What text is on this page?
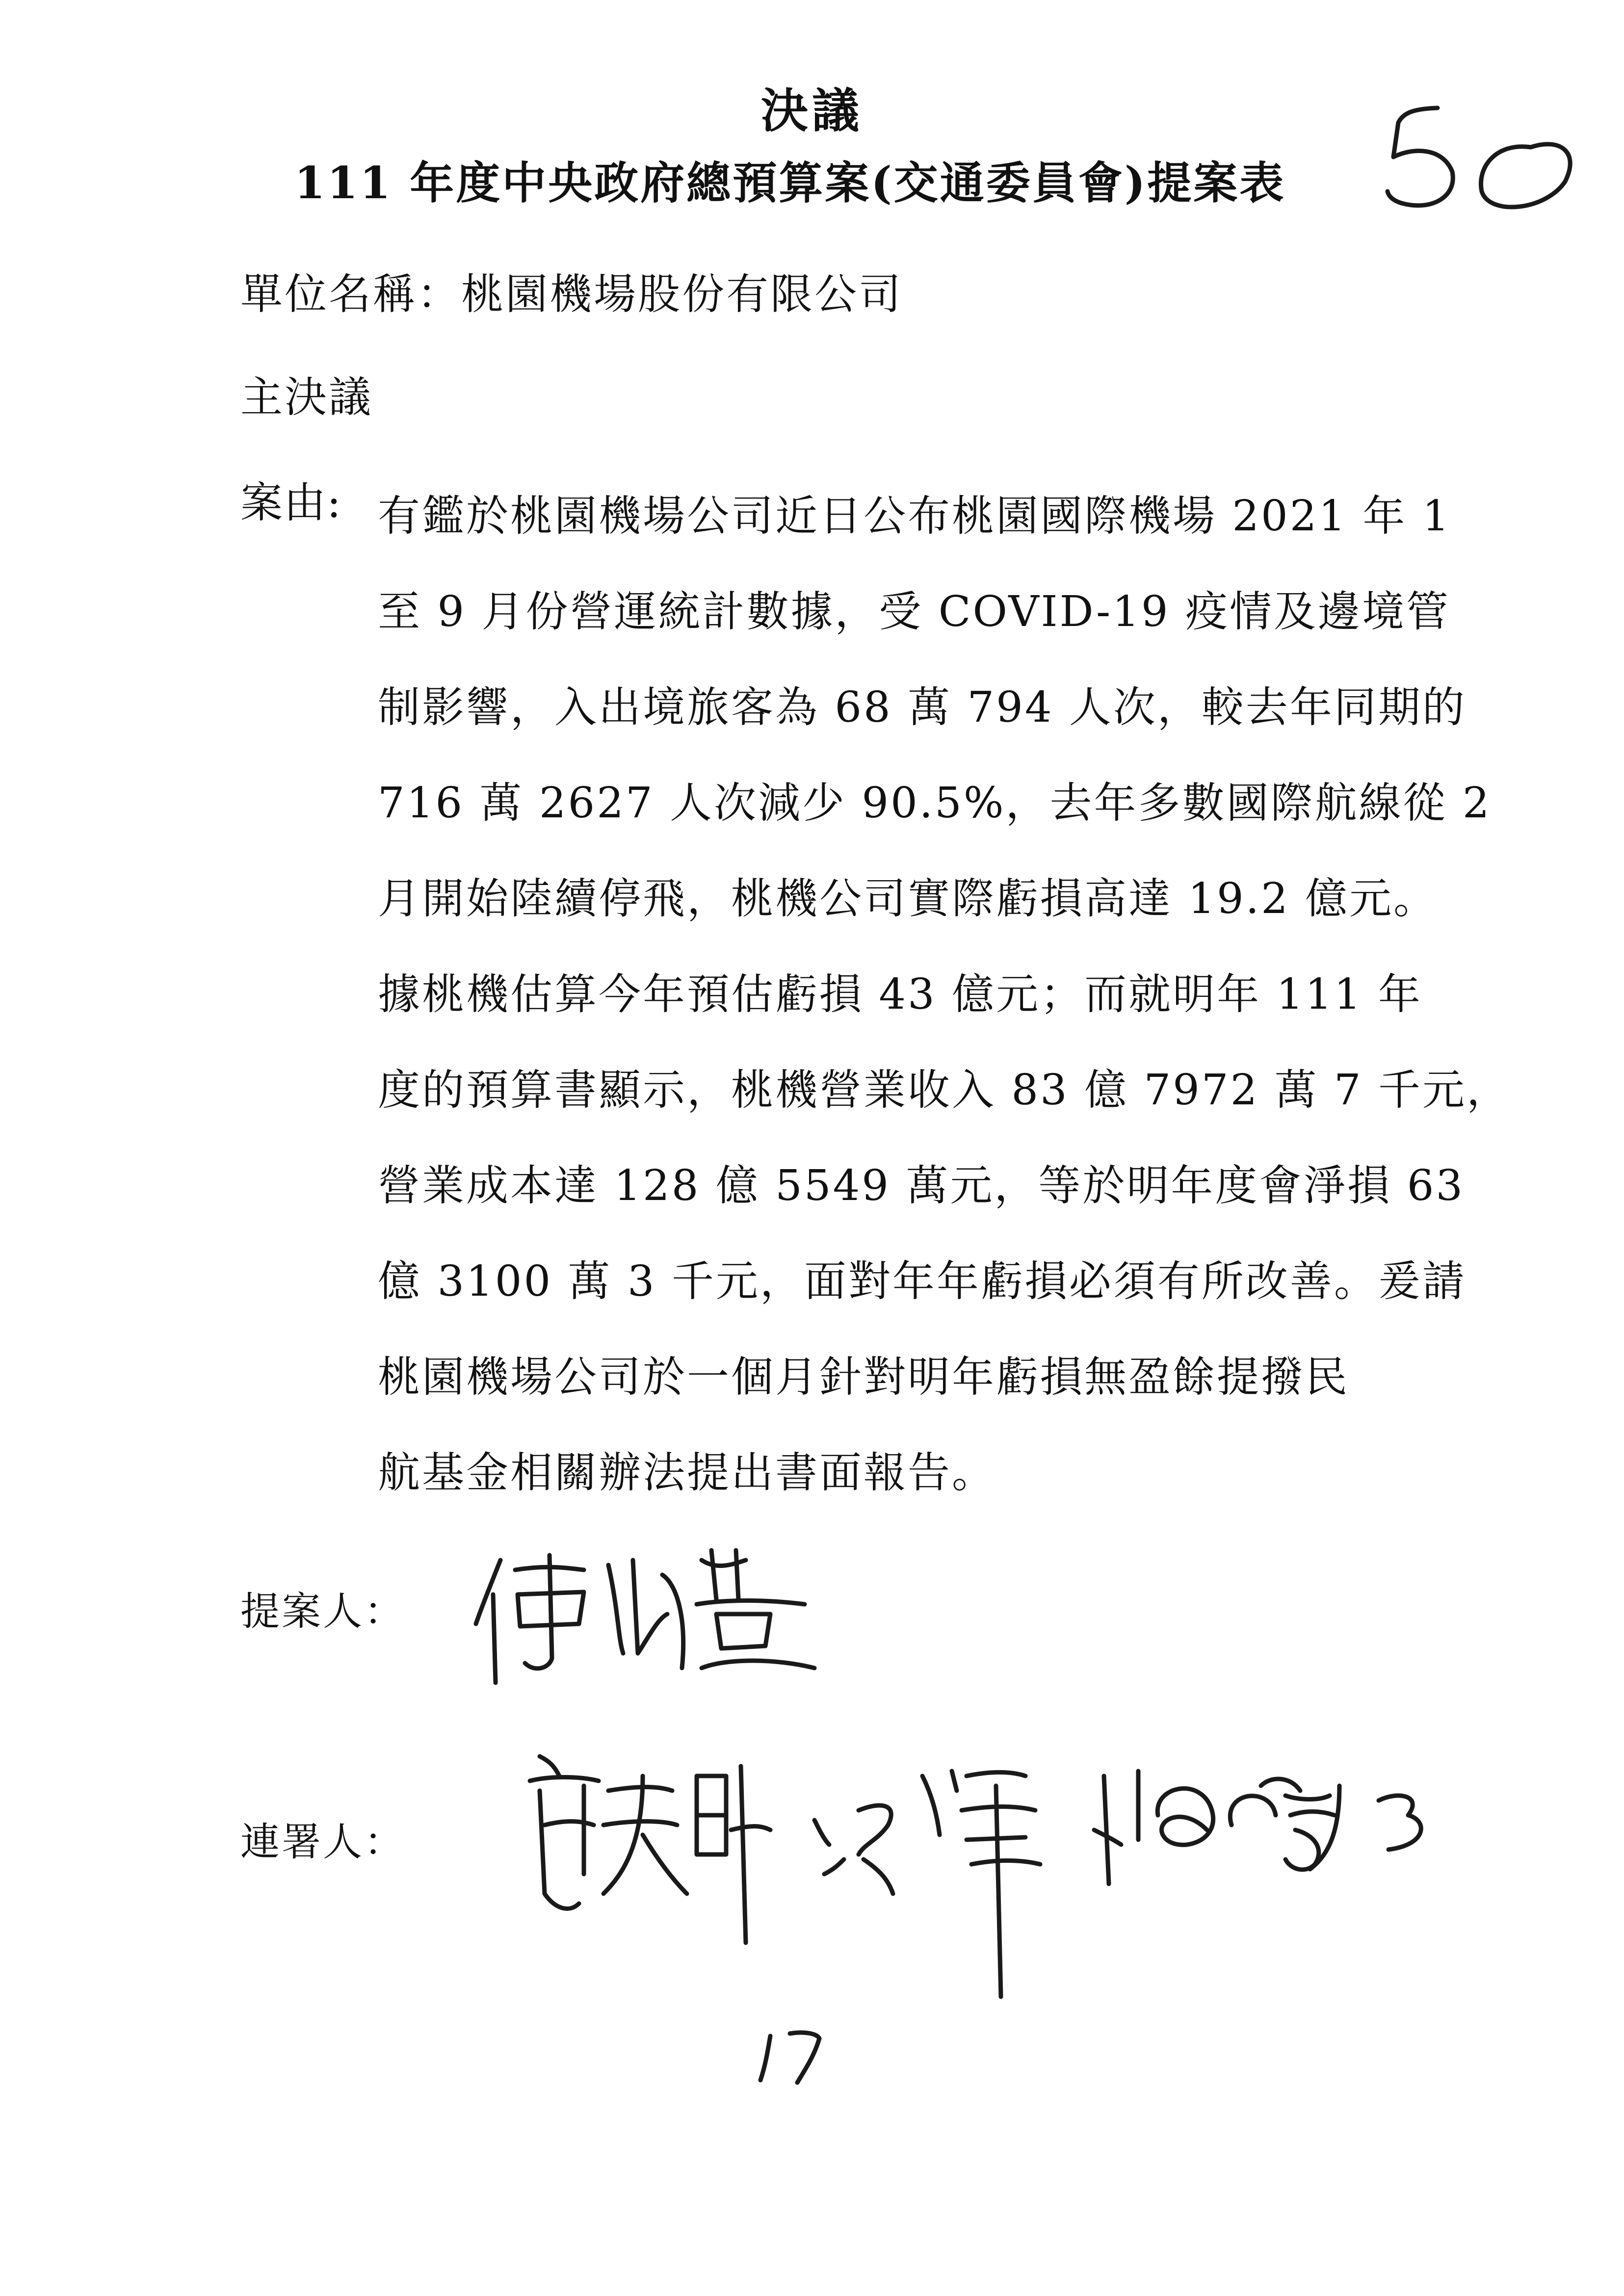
決議
111 年度中央政府總預算案(交通委員會)提案表
單位名稱：桃園機場股份有限公司
主決議
案由: 有鑑於桃園機場公司近日公布桃園國際機場 2021 年 1
至 9 月份營運統計數據，受 COVID-19 疫情及邊境管
制影響，入出境旅客為 68 萬 794 人次，較去年同期的
716 萬 2627 人次減少 90.5%，去年多數國際航線從 2
月開始陸續停飛，桃機公司實際虧損高達 19.2 億元。
據桃機估算今年預估虧損 43 億元；而就明年 111 年
度的預算書顯示，桃機營業收入 83 億 7972 萬 7 千元，
營業成本達 128 億 5549 萬元，等於明年度會淨損 63
億 3100 萬 3 千元，面對年年虧損必須有所改善。爰請
桃園機場公司於一個月針對明年虧損無盈餘提撥民
航基金相關辦法提出書面報告。
提案人：
連署人：
